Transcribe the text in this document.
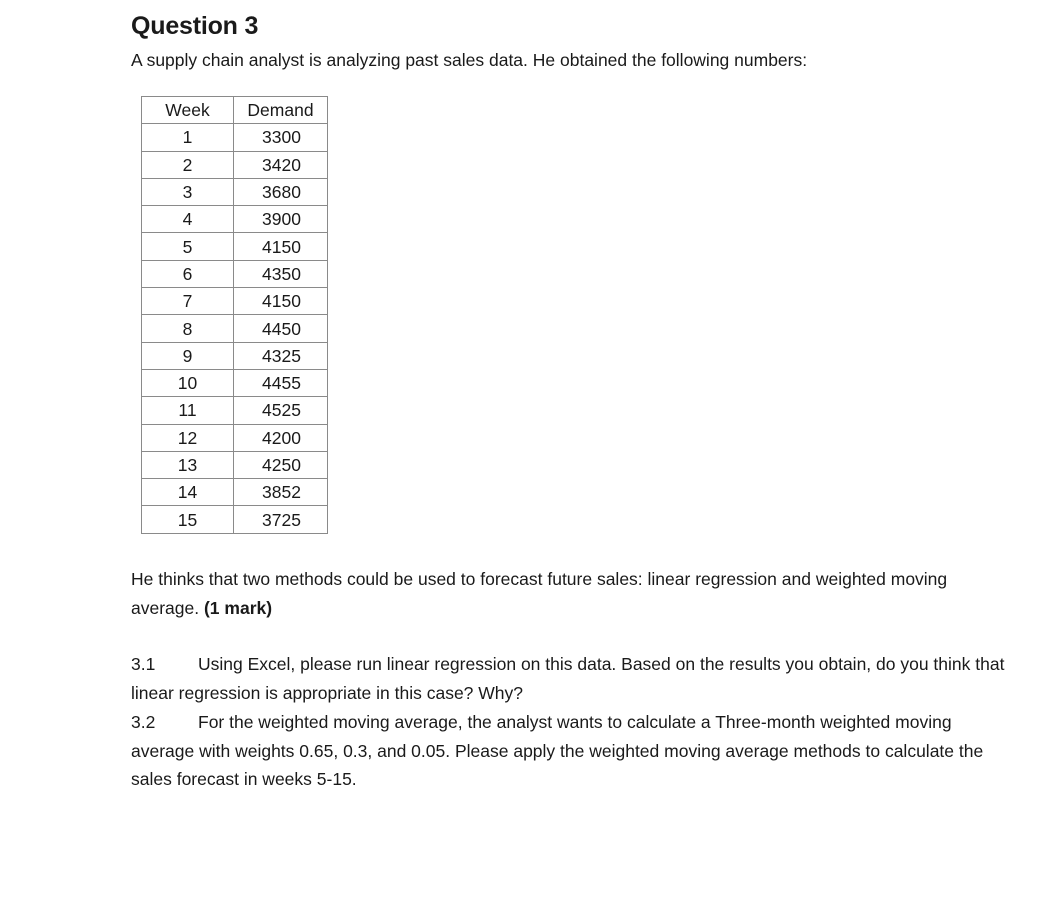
Question 3

A supply chain analyst is analyzing past sales data. He obtained the following numbers:

Week	Demand
1	3300
2	3420
3	3680
4	3900
5	4150
6	4350
7	4150
8	4450
9	4325
10	4455
11	4525
12	4200
13	4250
14	3852
15	3725

He thinks that two methods could be used to forecast future sales: linear regression and weighted moving average. (1 mark)

3.1 Using Excel, please run linear regression on this data. Based on the results you obtain, do you think that linear regression is appropriate in this case? Why?

3.2 For the weighted moving average, the analyst wants to calculate a Three-month weighted moving average with weights 0.65, 0.3, and 0.05. Please apply the weighted moving average methods to calculate the sales forecast in weeks 5-15.
